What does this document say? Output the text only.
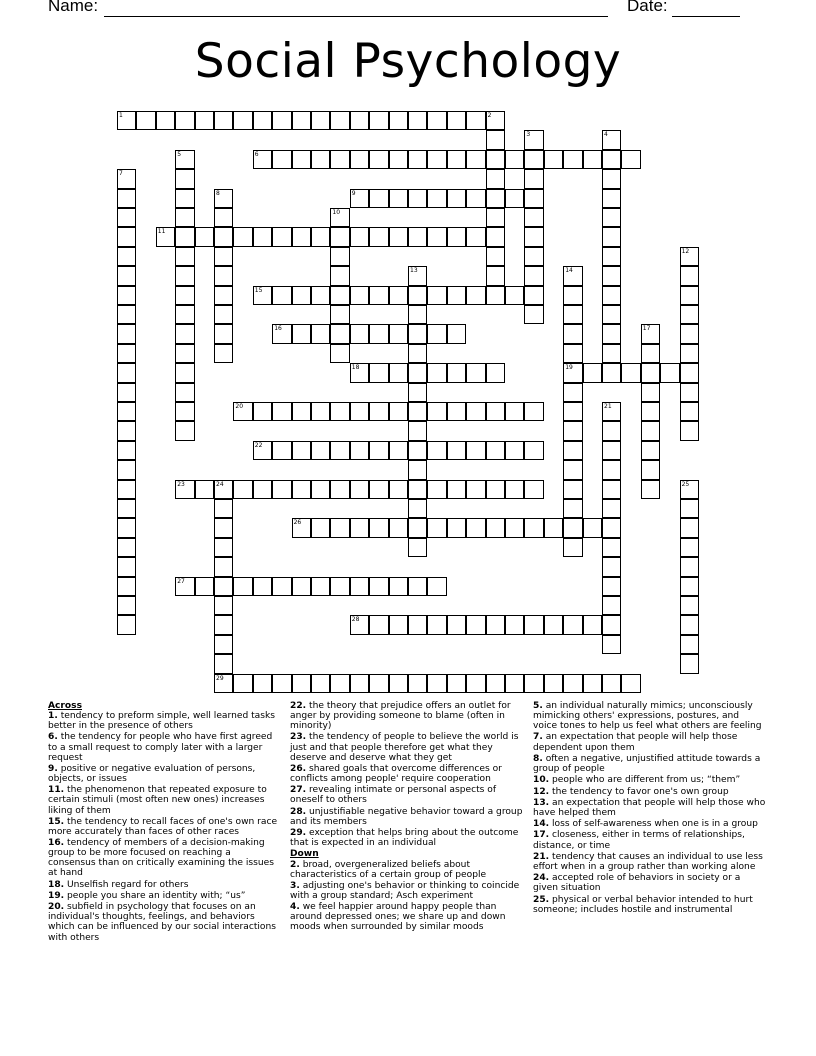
Name:	Date:
Social Psychology
1	2
3	4
5	6
7
8	9
10
11
12
13	14
19
15
16	17
18
20	21
22
23	24
29
25
26
27
28
Across
1. tendency to preform simple, well learned tasks better in the presence of others
6. the tendency for people who have first agreed to a small request to comply later with a larger request
9. positive or negative evaluation of persons, objects, or issues
11. the phenomenon that repeated exposure to certain stimuli (most often new ones) increases liking of them
15. the tendency to recall faces of one's own race more accurately than faces of other races
16. tendency of members of a decision-making group to be more focused on reaching a consensus than on critically examining the issues at hand
18. Unselfish regard for others
19. people you share an identity with; “us”
20. subfield in psychology that focuses on an individual's thoughts, feelings, and behaviors which can be influenced by our social interactions with others
22. the theory that prejudice offers an outlet for anger by providing someone to blame (often in minority)
23. the tendency of people to believe the world is just and that people therefore get what they deserve and deserve what they get
26. shared goals that overcome differences or conflicts among people' require cooperation
27. revealing intimate or personal aspects of oneself to others
28. unjustifiable negative behavior toward a group and its members
29. exception that helps bring about the outcome that is expected in an individual
Down
2. broad, overgeneralized beliefs about characteristics of a certain group of people
3. adjusting one's behavior or thinking to coincide with a group standard; Asch experiment
4. we feel happier around happy people than around depressed ones; we share up and down moods when surrounded by similar moods
5. an individual naturally mimics; unconsciously mimicking others' expressions, postures, and voice tones to help us feel what others are feeling
7. an expectation that people will help those dependent upon them
8. often a negative, unjustified attitude towards a group of people
10. people who are different from us; “them”
12. the tendency to favor one's own group
13. an expectation that people will help those who have helped them
14. loss of self-awareness when one is in a group
17. closeness, either in terms of relationships, distance, or time
21. tendency that causes an individual to use less effort when in a group rather than working alone
24. accepted role of behaviors in society or a given situation
25. physical or verbal behavior intended to hurt someone; includes hostile and instrumental
